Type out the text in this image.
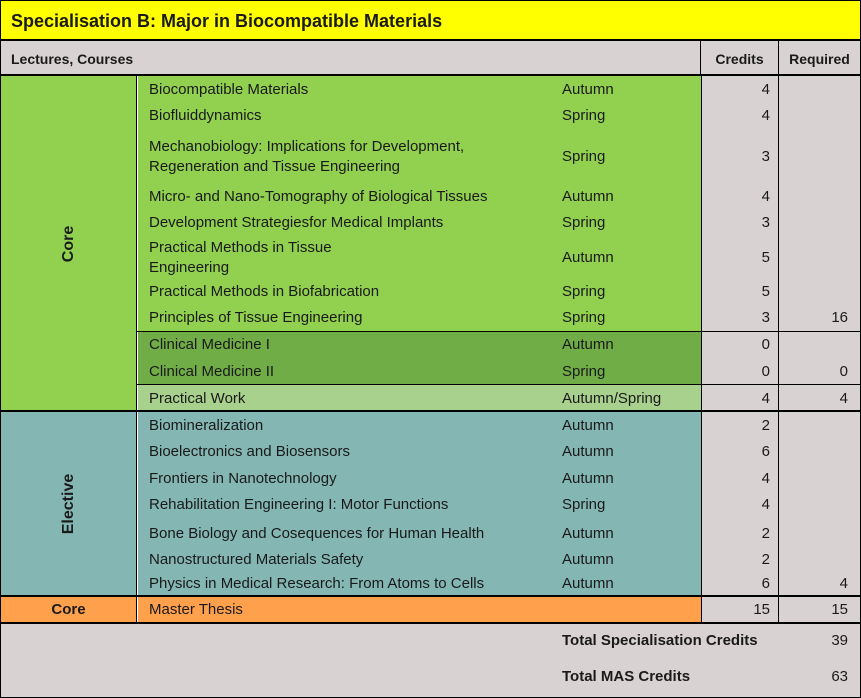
Specialisation B: Major in Biocompatible Materials
Lectures, Courses	Credits	Required
Core
Biocompatible Materials	Autumn	4
Biofluiddynamics	Spring	4
Mechanobiology: Implications for Development,
Regeneration and Tissue Engineering
Spring	3
Micro- and Nano-Tomography of Biological Tissues	Autumn	4
Development Strategiesfor Medical Implants	Spring	3
Practical Methods in Tissue
Engineering
Autumn	5
Practical Methods in Biofabrication	Spring	5
Principles of Tissue Engineering	Spring	3	16
Clinical Medicine I	Autumn	0
Clinical Medicine II	Spring	0	0
Practical Work	Autumn/Spring	4	4
Elective
Biomineralization	Autumn	2
Bioelectronics and Biosensors	Autumn	6
Frontiers in Nanotechnology	Autumn	4
Rehabilitation Engineering I: Motor Functions	Spring	4
Bone Biology and Cosequences for Human Health	Autumn	2
Nanostructured Materials Safety	Autumn	2
Physics in Medical Research: From Atoms to Cells	Autumn	6	4
Core	Master Thesis	15	15
Total Specialisation Credits	39
Total MAS Credits	63
